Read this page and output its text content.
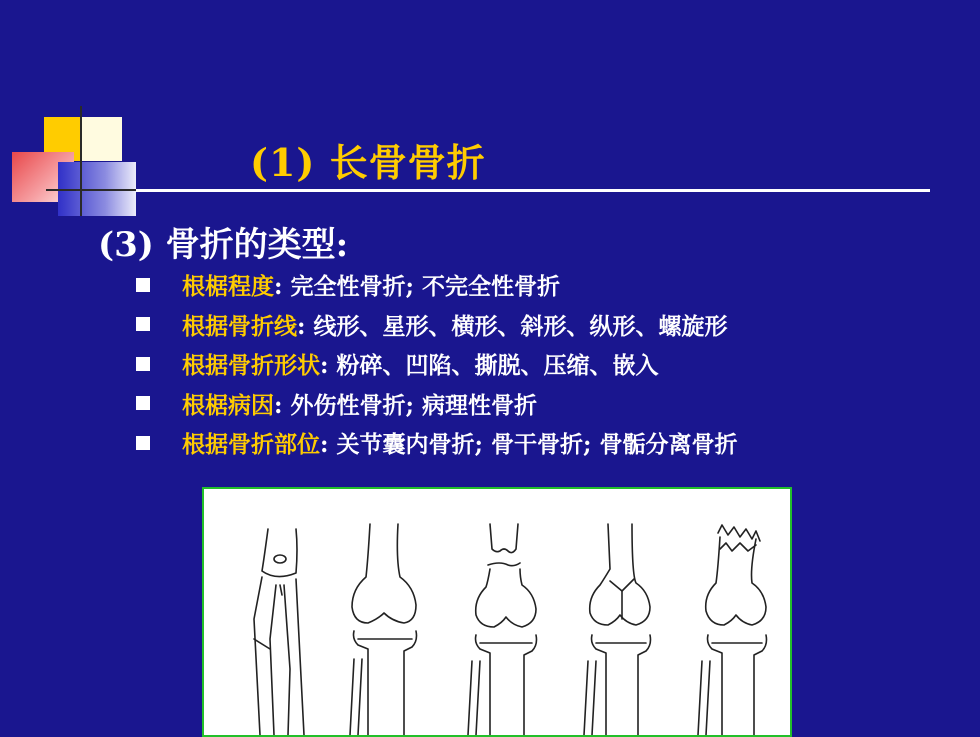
(1) 长骨骨折
(3) 骨折的类型:
根椐程度 : 完全性骨折; 不完全性骨折
根据骨折线 : 线形、星形、横形、斜形、纵形、螺旋形
根据骨折形状 : 粉碎、凹陷、撕脱、压缩、嵌入
根椐病因 : 外伤性骨折; 病理性骨折
根据骨折部位 : 关节囊内骨折; 骨干骨折; 骨骺分离骨折
